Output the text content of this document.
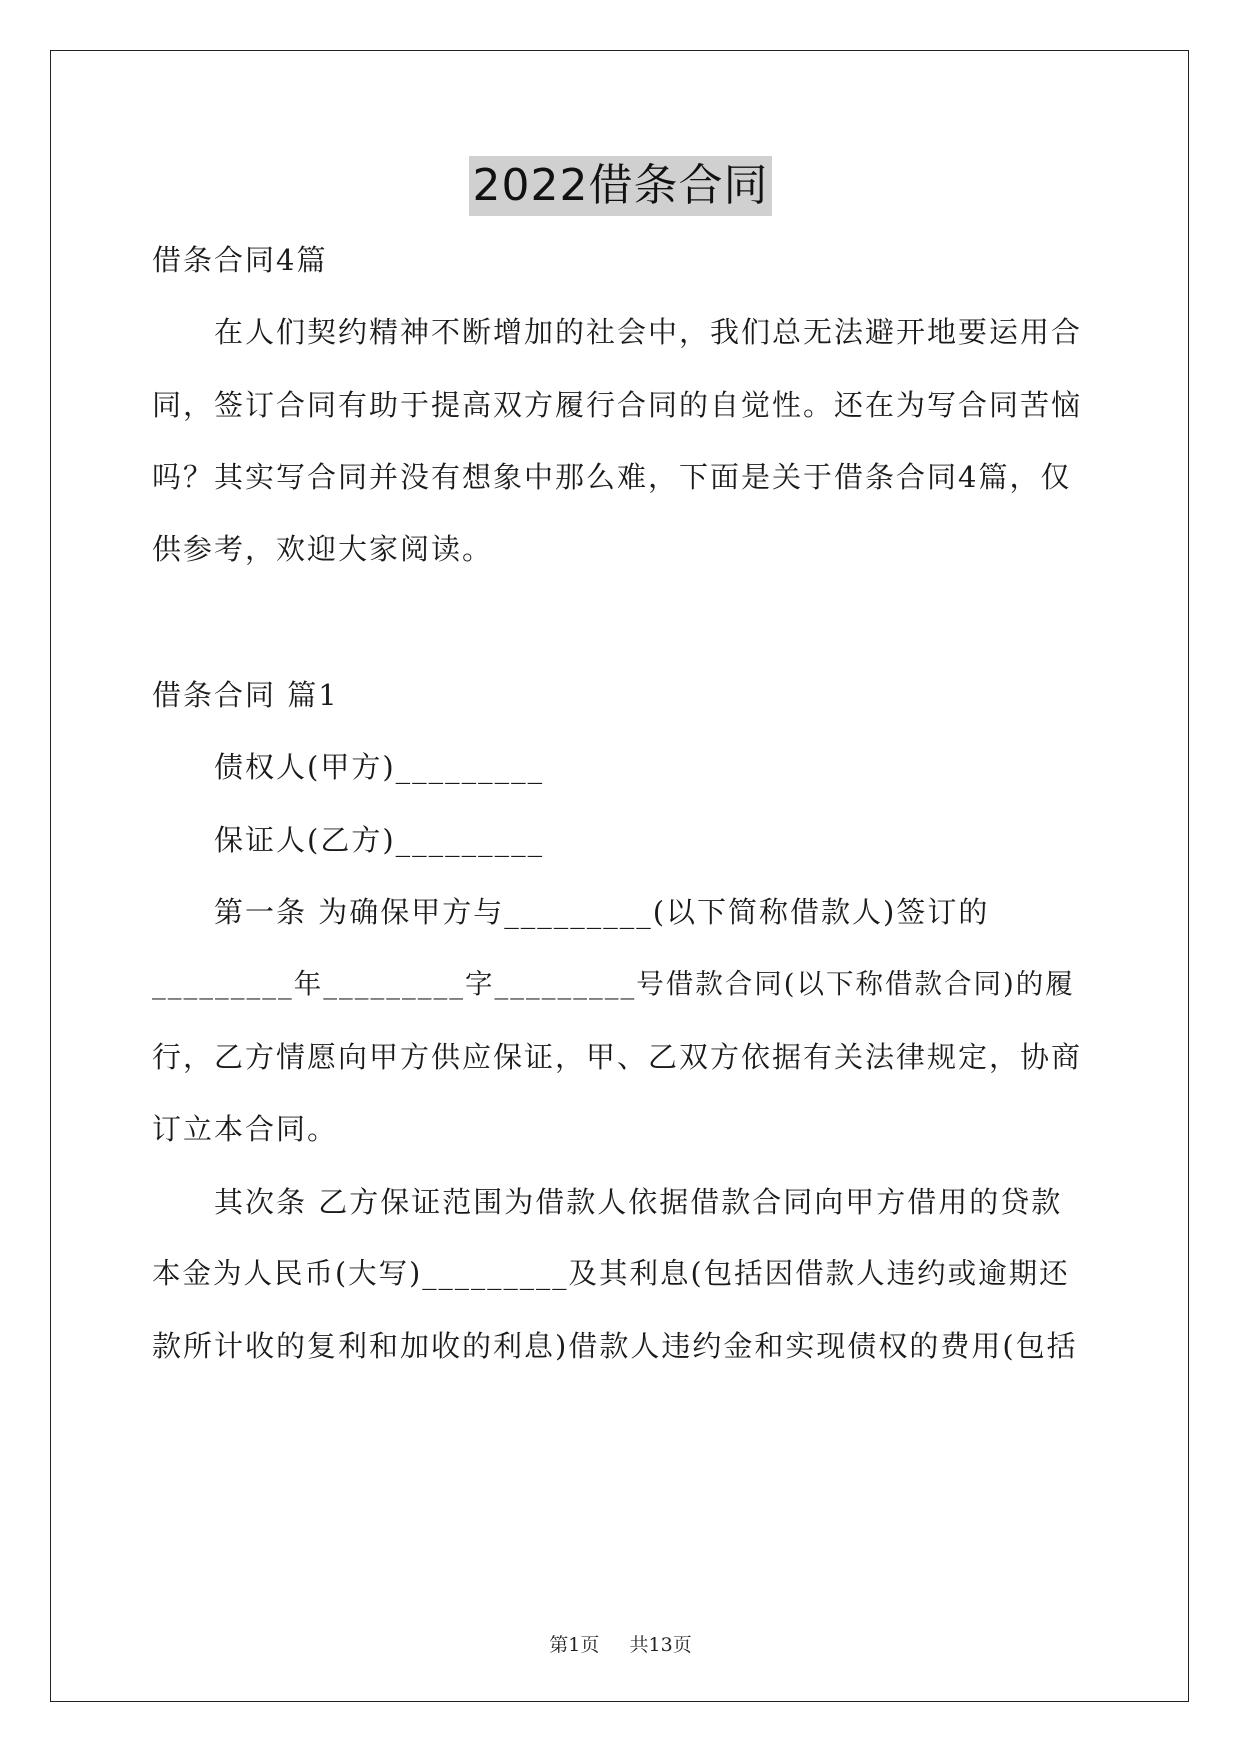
2022借条合同
借条合同4篇
在人们契约精神不断增加的社会中，我们总无法避开地要运用合
同，签订合同有助于提高双方履行合同的自觉性。还在为写合同苦恼
吗？其实写合同并没有想象中那么难，下面是关于借条合同4篇，仅
供参考，欢迎大家阅读。
借条合同 篇1
债权人(甲方)_________
保证人(乙方)_________
第一条 为确保甲方与_________(以下简称借款人)签订的
_________年_________字_________号借款合同(以下称借款合同)的履
行，乙方情愿向甲方供应保证，甲、乙双方依据有关法律规定，协商
订立本合同。
其次条 乙方保证范围为借款人依据借款合同向甲方借用的贷款
本金为人民币(大写)_________及其利息(包括因借款人违约或逾期还
款所计收的复利和加收的利息)借款人违约金和实现债权的费用(包括
第1页 共13页
